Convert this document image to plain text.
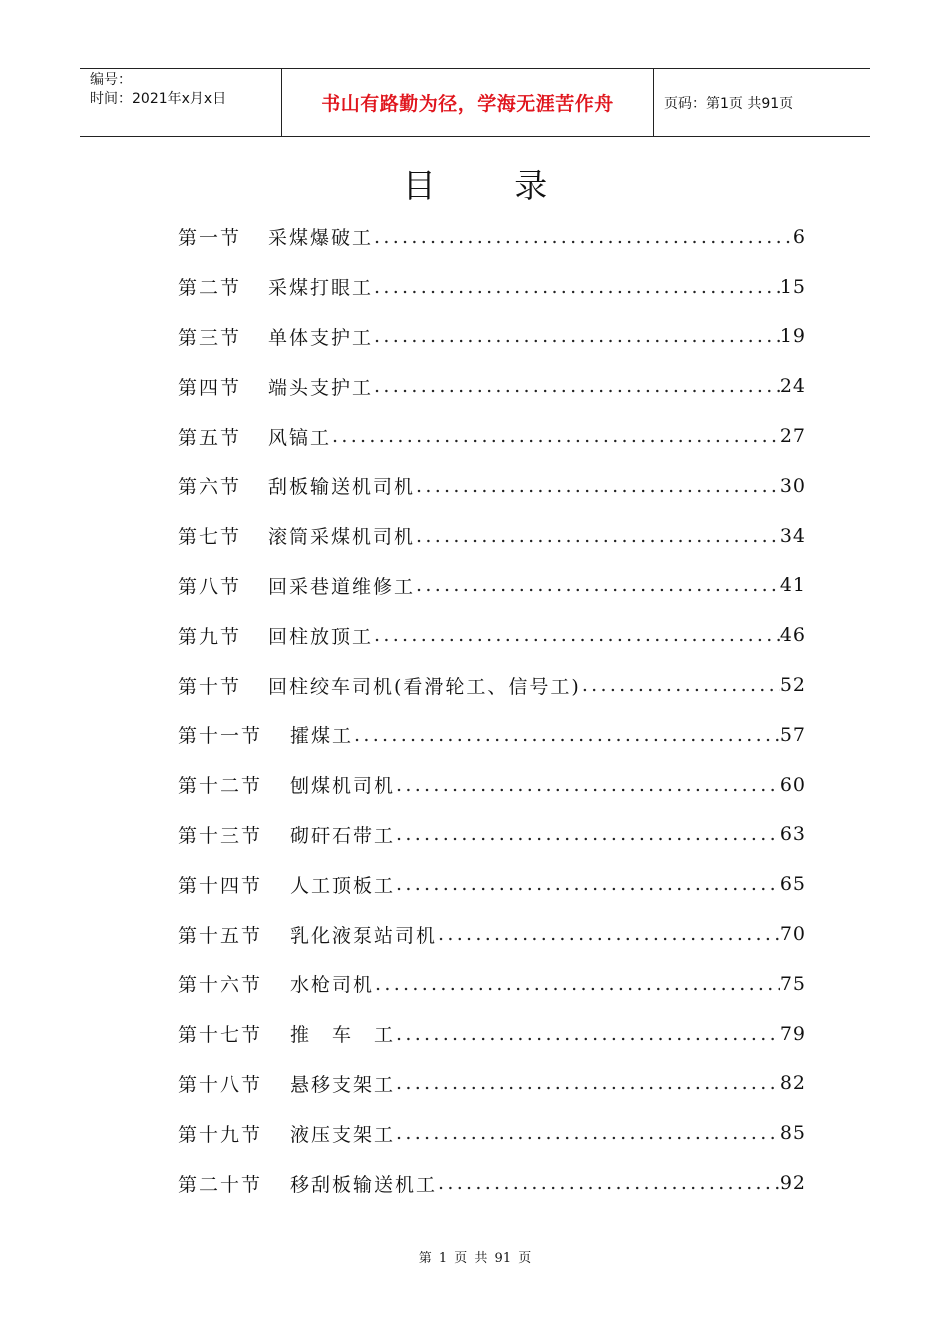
编号：
时间：2021年x月x日	书山有路勤为径，学海无涯苦作舟	页码：第1页 共91页
目 录
第一节	采煤爆破工 .....	6
第二节	采煤打眼工 .....	15
第三节	单体支护工 .....	19
第四节	端头支护工 .....	24
第五节	风镐工 .....	27
第六节	刮板输送机司机 .....	30
第七节	滚筒采煤机司机 .....	34
第八节	回采巷道维修工 .....	41
第九节	回柱放顶工 .....	46
第十节	回柱绞车司机(看滑轮工、信号工) .....	52
第十一节	攉煤工 .....	57
第十二节	刨煤机司机 .....	60
第十三节	砌矸石带工 .....	63
第十四节	人工顶板工 .....	65
第十五节	乳化液泵站司机 .....	70
第十六节	水枪司机 .....	75
第十七节	推　车　工 .....	79
第十八节	悬移支架工 .....	82
第十九节	液压支架工 .....	85
第二十节	移刮板输送机工 .....	92
第 1 页 共 91 页
